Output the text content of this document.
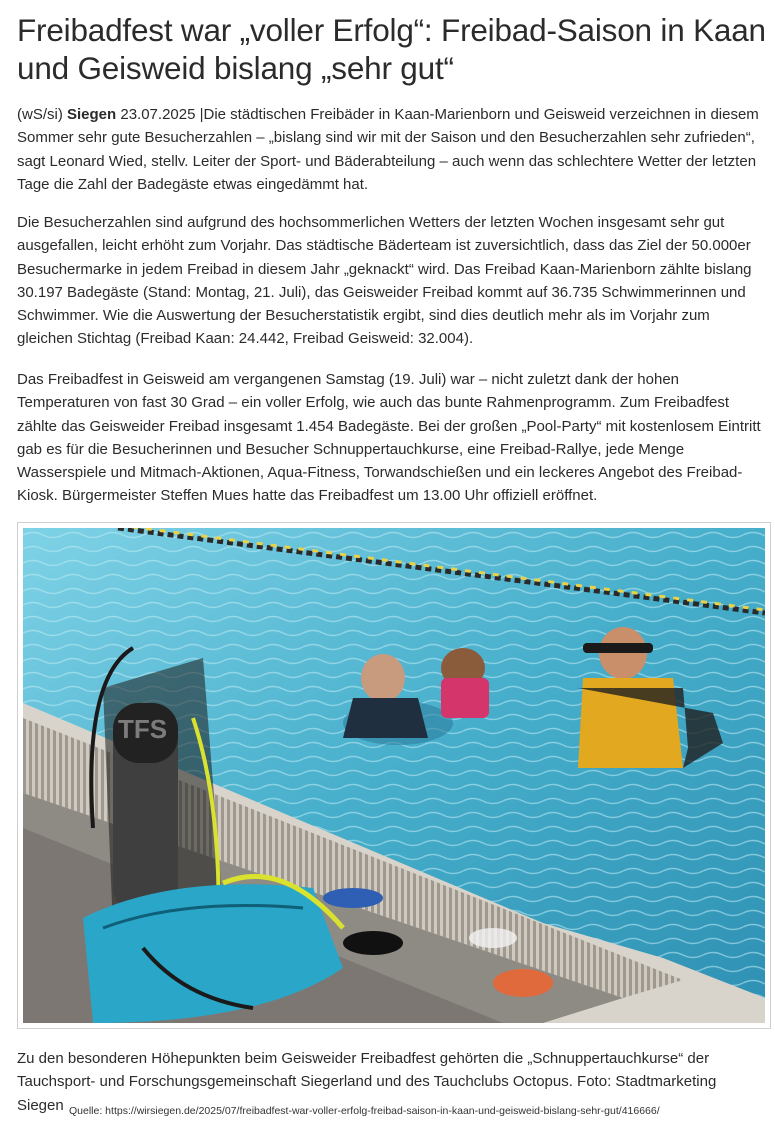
Freibadfest war „voller Erfolg“: Freibad-Saison in Kaan und Geisweid bislang „sehr gut“

(wS/si) Siegen 23.07.2025 |Die städtischen Freibäder in Kaan-Marienborn und Geisweid verzeichnen in diesem Sommer sehr gute Besucherzahlen – „bislang sind wir mit der Saison und den Besucherzahlen sehr zufrieden“, sagt Leonard Wied, stellv. Leiter der Sport- und Bäderabteilung – auch wenn das schlechtere Wetter der letzten Tage die Zahl der Badegäste etwas eingedämmt hat.

Die Besucherzahlen sind aufgrund des hochsommerlichen Wetters der letzten Wochen insgesamt sehr gut ausgefallen, leicht erhöht zum Vorjahr. Das städtische Bäderteam ist zuversichtlich, dass das Ziel der 50.000er Besuchermarke in jedem Freibad in diesem Jahr „geknackt“ wird. Das Freibad Kaan-Marienborn zählte bislang 30.197 Badegäste (Stand: Montag, 21. Juli), das Geisweider Freibad kommt auf 36.735 Schwimmerinnen und Schwimmer. Wie die Auswertung der Besucherstatistik ergibt, sind dies deutlich mehr als im Vorjahr zum gleichen Stichtag (Freibad Kaan: 24.442, Freibad Geisweid: 32.004).

Das Freibadfest in Geisweid am vergangenen Samstag (19. Juli) war – nicht zuletzt dank der hohen Temperaturen von fast 30 Grad – ein voller Erfolg, wie auch das bunte Rahmenprogramm. Zum Freibadfest zählte das Geisweider Freibad insgesamt 1.454 Badegäste. Bei der großen „Pool-Party“ mit kostenlosem Eintritt gab es für die Besucherinnen und Besucher Schnuppertauchkurse, eine Freibad-Rallye, jede Menge Wasserspiele und Mitmach-Aktionen, Aqua-Fitness, Torwandschießen und ein leckeres Angebot des Freibad-Kiosk. Bürgermeister Steffen Mues hatte das Freibadfest um 13.00 Uhr offiziell eröffnet.

Zu den besonderen Höhepunkten beim Geisweider Freibadfest gehörten die „Schnuppertauchkurse“ der Tauchsport- und Forschungsgemeinschaft Siegerland und des Tauchclubs Octopus. Foto: Stadtmarketing Siegen Quelle: https://wirsiegen.de/2025/07/freibadfest-war-voller-erfolg-freibad-saison-in-kaan-und-geisweid-bislang-sehr-gut/416666/
